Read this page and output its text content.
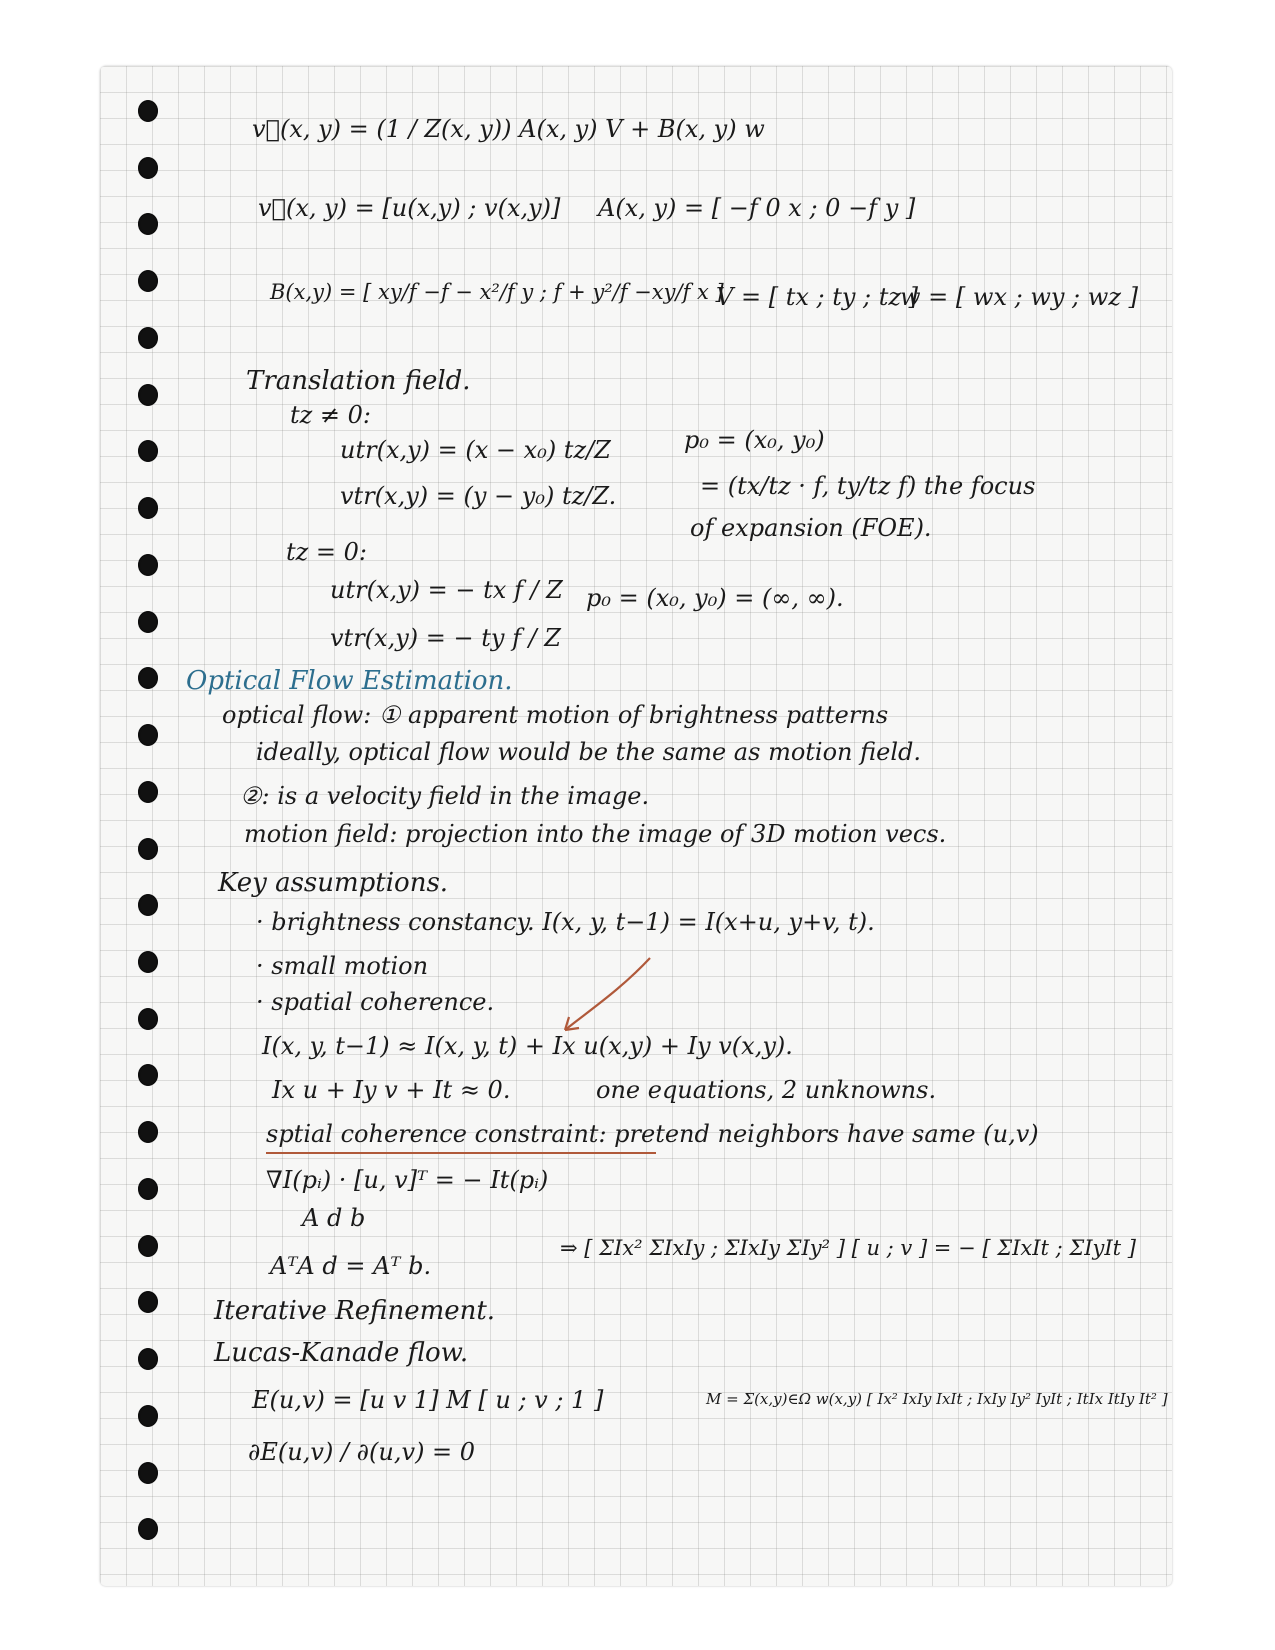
v⃗(x, y) = (1 / Z(x, y)) A(x, y) V + B(x, y) w
v⃗(x, y) = [u(x,y) ; v(x,y)] A(x, y) = [ −f 0 x ; 0 −f y ]
B(x,y) = [ xy/f −f − x²/f y ; f + y²/f −xy/f x ]
V = [ tx ; ty ; tz ]
w = [ wx ; wy ; wz ]
Translation field.
tz ≠ 0:
utr(x,y) = (x − x₀) tz/Z
vtr(x,y) = (y − y₀) tz/Z.
p₀ = (x₀, y₀)
= (tx/tz · f, ty/tz f) the focus
of expansion (FOE).
tz = 0:
utr(x,y) = − tx f / Z p₀ = (x₀, y₀) = (∞, ∞).
vtr(x,y) = − ty f / Z
Optical Flow Estimation.
optical flow: ① apparent motion of brightness patterns
ideally, optical flow would be the same as motion field.
②: is a velocity field in the image.
motion field: projection into the image of 3D motion vecs.
Key assumptions.
· brightness constancy. I(x, y, t−1) = I(x+u, y+v, t).
· small motion
· spatial coherence.
I(x, y, t−1) ≈ I(x, y, t) + Ix u(x,y) + Iy v(x,y).
Ix u + Iy v + It ≈ 0.	one equations, 2 unknowns.
sptial coherence constraint: pretend neighbors have same (u,v)
∇I(pᵢ) · [u, v]ᵀ = − It(pᵢ)
A d b
AᵀA d = Aᵀ b.
⇒ [ ΣIx² ΣIxIy ; ΣIxIy ΣIy² ] [ u ; v ] = − [ ΣIxIt ; ΣIyIt ]
Iterative Refinement.
Lucas-Kanade flow.
E(u,v) = [u v 1] M [ u ; v ; 1 ]	M = Σ(x,y)∈Ω w(x,y) [ Ix² IxIy IxIt ; IxIy Iy² IyIt ; ItIx ItIy It² ]
∂E(u,v) / ∂(u,v) = 0
